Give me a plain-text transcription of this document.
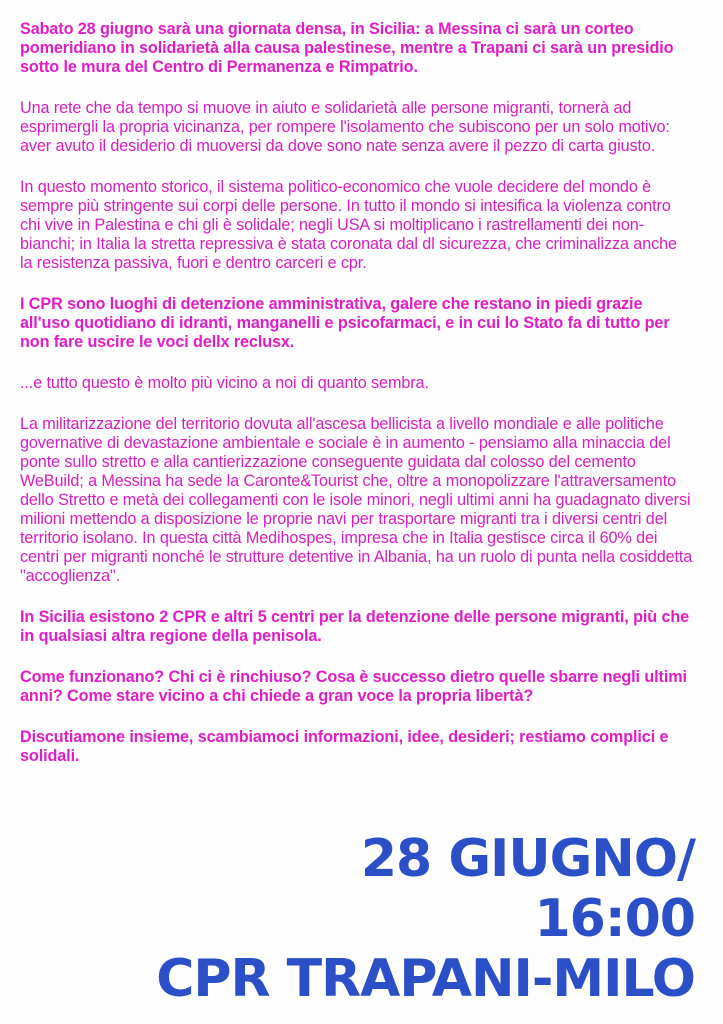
Sabato 28 giugno sarà una giornata densa, in Sicilia: a Messina ci sarà un corteo pomeridiano in solidarietà alla causa palestinese, mentre a Trapani ci sarà un presidio sotto le mura del Centro di Permanenza e Rimpatrio.

Una rete che da tempo si muove in aiuto e solidarietà alle persone migranti, tornerà ad esprimergli la propria vicinanza, per rompere l'isolamento che subiscono per un solo motivo: aver avuto il desiderio di muoversi da dove sono nate senza avere il pezzo di carta giusto.

In questo momento storico, il sistema politico-economico che vuole decidere del mondo è sempre più stringente sui corpi delle persone. In tutto il mondo si intesifica la violenza contro chi vive in Palestina e chi gli è solidale; negli USA si moltiplicano i rastrellamenti dei non-bianchi; in Italia la stretta repressiva è stata coronata dal dl sicurezza, che criminalizza anche la resistenza passiva, fuori e dentro carceri e cpr.

I CPR sono luoghi di detenzione amministrativa, galere che restano in piedi grazie all'uso quotidiano di idranti, manganelli e psicofarmaci, e in cui lo Stato fa di tutto per non fare uscire le voci dellx reclusx.

...e tutto questo è molto più vicino a noi di quanto sembra.

La militarizzazione del territorio dovuta all'ascesa bellicista a livello mondiale e alle politiche governative di devastazione ambientale e sociale è in aumento - pensiamo alla minaccia del ponte sullo stretto e alla cantierizzazione conseguente guidata dal colosso del cemento WeBuild; a Messina ha sede la Caronte&Tourist che, oltre a monopolizzare l'attraversamento dello Stretto e metà dei collegamenti con le isole minori, negli ultimi anni ha guadagnato diversi milioni mettendo a disposizione le proprie navi per trasportare migranti tra i diversi centri del territorio isolano. In questa città Medihospes, impresa che in Italia gestisce circa il 60% dei centri per migranti nonché le strutture detentive in Albania, ha un ruolo di punta nella cosiddetta "accoglienza".

In Sicilia esistono 2 CPR e altri 5 centri per la detenzione delle persone migranti, più che in qualsiasi altra regione della penisola.

Come funzionano? Chi ci è rinchiuso? Cosa è successo dietro quelle sbarre negli ultimi anni? Come stare vicino a chi chiede a gran voce la propria libertà?

Discutiamone insieme, scambiamoci informazioni, idee, desideri; restiamo complici e solidali.

28 GIUGNO/
16:00
CPR TRAPANI-MILO
